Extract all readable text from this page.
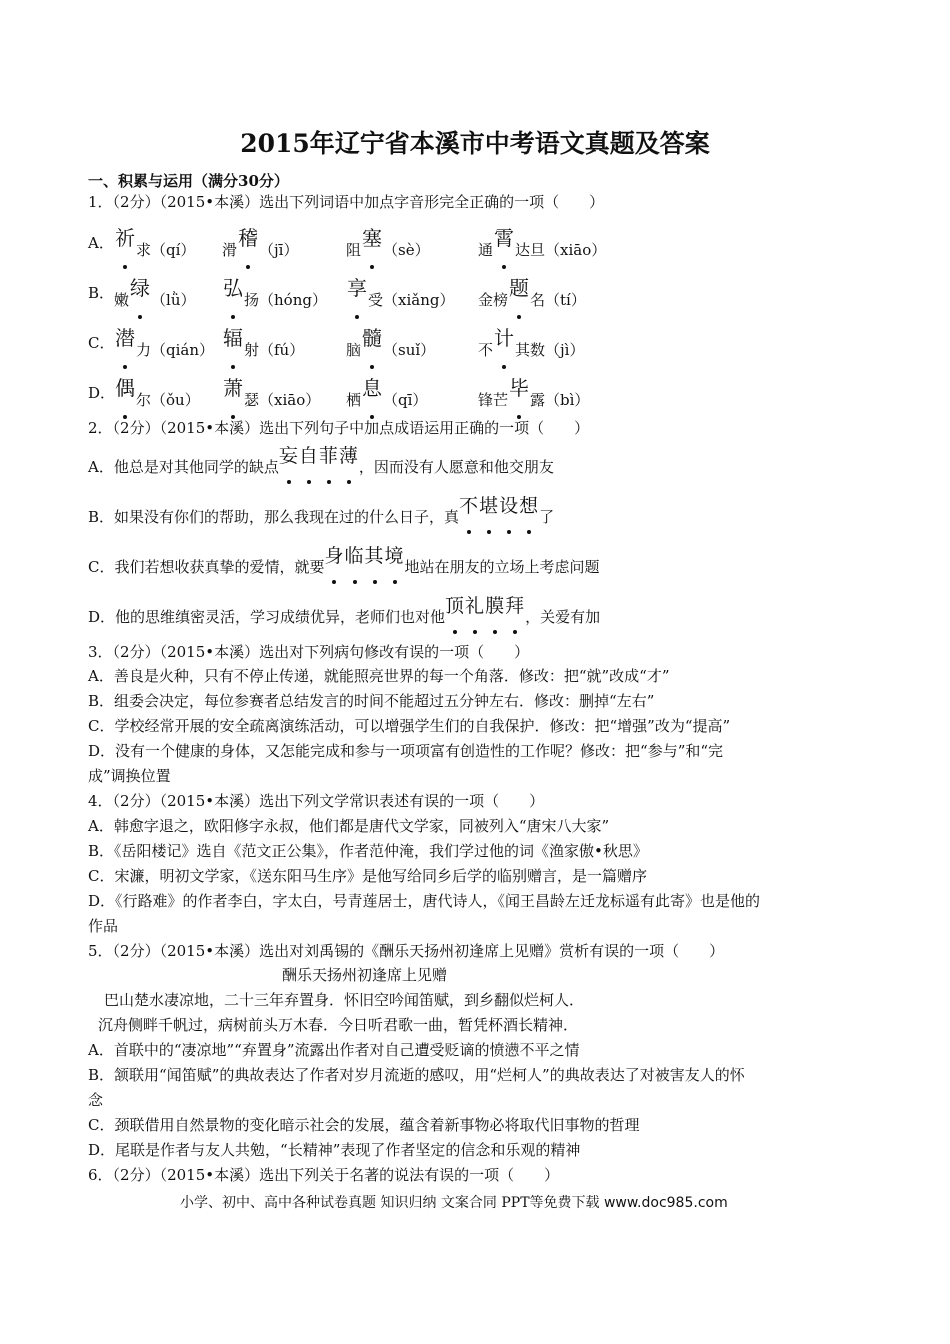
2015年辽宁省本溪市中考语文真题及答案
一、积累与运用（满分30分）
1．（2分）（2015•本溪）选出下列词语中加点字音形完全正确的一项（　　）
A． 祈求（qí） 滑稽（jī）	阻塞（sè）	通霄达旦（xiāo）
B． 嫩绿（lǜ） 弘扬（hóng） 享受（xiǎng） 金榜题名（tí）
C． 潜力（qián） 辐射（fú）	脑髓（suǐ）	不计其数（jì）
D． 偶尔（ǒu） 萧瑟（xiāo） 栖息（qī）	锋芒毕露（bì）
2．（2分）（2015•本溪）选出下列句子中加点成语运用正确的一项（　　）
A．他总是对其他同学的缺点妄自菲薄，因而没有人愿意和他交朋友
B．如果没有你们的帮助，那么我现在过的什么日子，真不堪设想了
C．我们若想收获真挚的爱情，就要身临其境地站在朋友的立场上考虑问题
D．他的思维缜密灵活，学习成绩优异，老师们也对他顶礼膜拜，关爱有加
3．（2分）（2015•本溪）选出对下列病句修改有误的一项（　　）
A．善良是火种，只有不停止传递，就能照亮世界的每一个角落．修改：把“就”改成“才”
B．组委会决定，每位参赛者总结发言的时间不能超过五分钟左右．修改：删掉“左右”
C．学校经常开展的安全疏离演练活动，可以增强学生们的自我保护．修改：把“增强”改为“提高”
D．没有一个健康的身体，又怎能完成和参与一项项富有创造性的工作呢？修改：把“参与”和“完
成”调换位置
4．（2分）（2015•本溪）选出下列文学常识表述有误的一项（　　）
A．韩愈字退之，欧阳修字永叔，他们都是唐代文学家，同被列入“唐宋八大家”
B．《岳阳楼记》选自《范文正公集》，作者范仲淹，我们学过他的词《渔家傲•秋思》
C．宋濂，明初文学家，《送东阳马生序》是他写给同乡后学的临别赠言，是一篇赠序
D．《行路难》的作者李白，字太白，号青莲居士，唐代诗人，《闻王昌龄左迁龙标遥有此寄》也是他的
作品
5．（2分）（2015•本溪）选出对刘禹锡的《酬乐天扬州初逢席上见赠》赏析有误的一项（　　）
酬乐天扬州初逢席上见赠
巴山楚水凄凉地，二十三年弃置身．怀旧空吟闻笛赋，到乡翻似烂柯人．
沉舟侧畔千帆过，病树前头万木春．今日听君歌一曲，暂凭杯酒长精神．
A．首联中的“凄凉地”“弃置身”流露出作者对自己遭受贬谪的愤懑不平之情
B．颔联用“闻笛赋”的典故表达了作者对岁月流逝的感叹，用“烂柯人”的典故表达了对被害友人的怀
念
C．颈联借用自然景物的变化暗示社会的发展，蕴含着新事物必将取代旧事物的哲理
D．尾联是作者与友人共勉，“长精神”表现了作者坚定的信念和乐观的精神
6．（2分）（2015•本溪）选出下列关于名著的说法有误的一项（　　）
小学、初中、高中各种试卷真题 知识归纳 文案合同 PPT等免费下载 www.doc985.com
